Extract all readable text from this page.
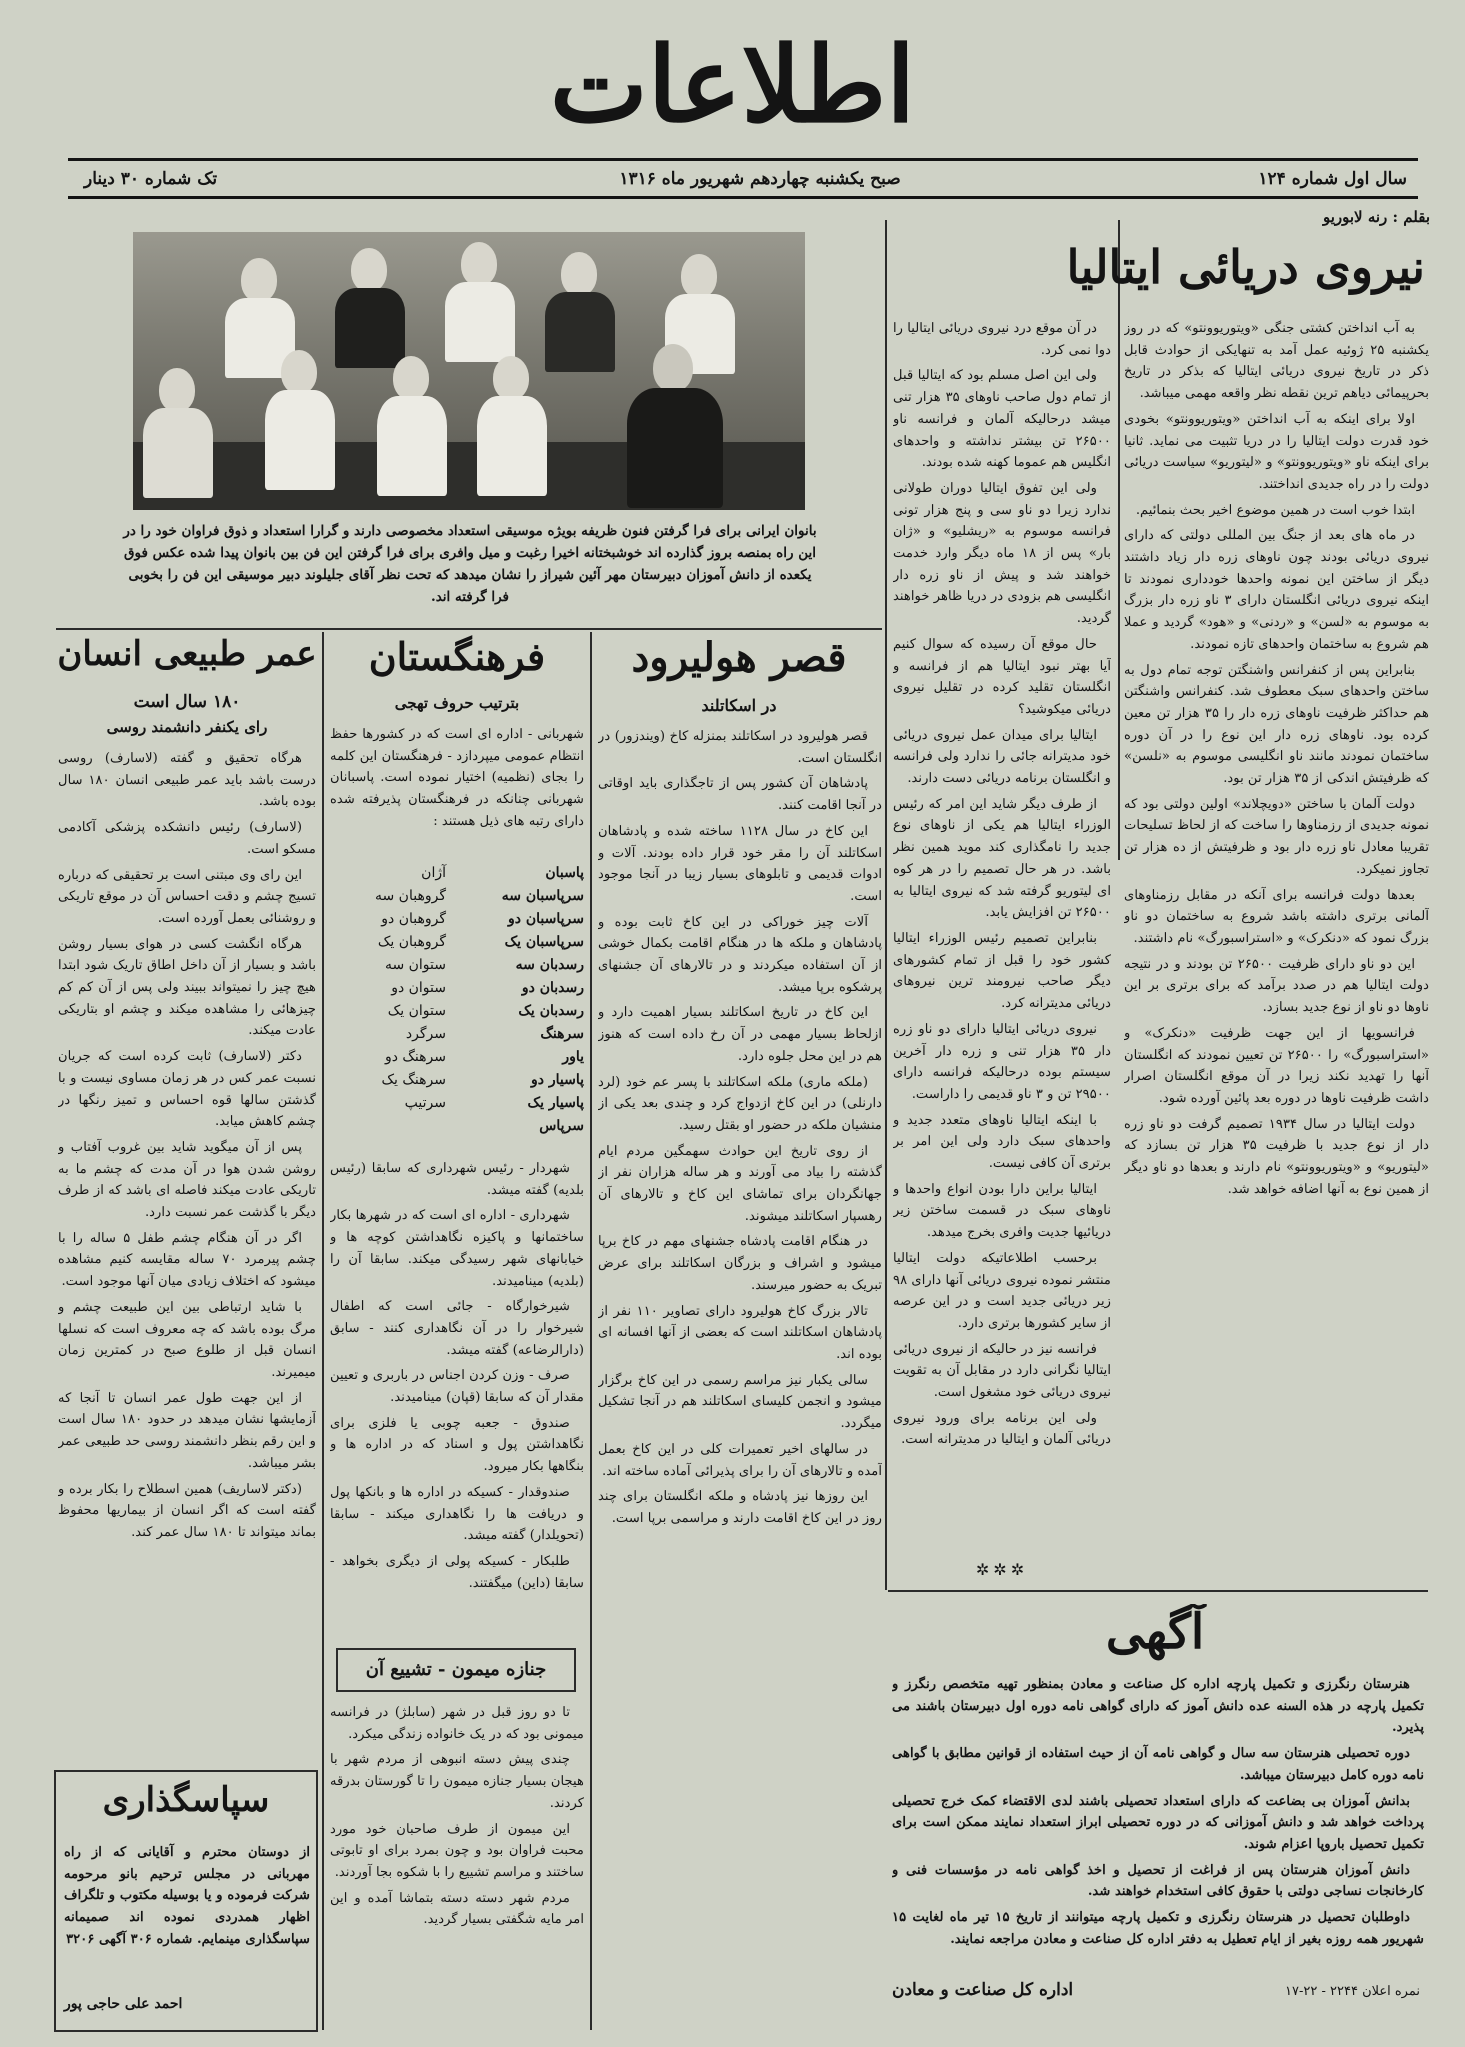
اطلاعات
سال اول شماره ۱۲۴
صبح یکشنبه چهاردهم شهریور ماه ۱۳۱۶
تک شماره ۳۰ دینار
بقلم : رنه لابوریو
نیروی دریائی ایتالیا

به آب انداختن کشتی جنگی «ویتوریوونتو» که در روز یکشنبه ۲۵ ژوئیه عمل آمد به تنهایکی از حوادث قابل ذکر در تاریخ نیروی دریائی ایتالیا که بذکر در تاریخ بحرپیمائی دیاهم ترین نقطه نظر واقعه مهمی میباشد.

اولا برای اینکه به آب انداختن «ویتوریوونتو» بخودی خود قدرت دولت ایتالیا را در دریا تثبیت می نماید. ثانیا برای اینکه ناو «ویتوریوونتو» و «لیتوریو» سیاست دریائی دولت را در راه جدیدی انداختند.

ابتدا خوب است در همین موضوع اخیر بحث بنمائیم.

در ماه های بعد از جنگ بین المللی دولتی که دارای نیروی دریائی بودند چون ناوهای زره دار زیاد داشتند دیگر از ساختن این نمونه واحدها خودداری نمودند تا اینکه نیروی دریائی انگلستان دارای ۳ ناو زره دار بزرگ به موسوم به «لسن» و «ردنی» و «هود» گردید و عملا هم شروع به ساختمان واحدهای تازه نمودند.

بنابراین پس از کنفرانس واشنگتن توجه تمام دول به ساختن واحدهای سبک معطوف شد. کنفرانس واشنگتن هم حداکثر ظرفیت ناوهای زره دار را ۳۵ هزار تن معین کرده بود. ناوهای زره دار این نوع را در آن دوره ساختمان نمودند مانند ناو انگلیسی موسوم به «نلسن» که ظرفیتش اندکی از ۳۵ هزار تن بود.

دولت آلمان با ساختن «دویچلاند» اولین دولتی بود که نمونه جدیدی از رزمناوها را ساخت که از لحاظ تسلیحات تقریبا معادل ناو زره دار بود و ظرفیتش از ده هزار تن تجاوز نمیکرد.

بعدها دولت فرانسه برای آنکه در مقابل رزمناوهای آلمانی برتری داشته باشد شروع به ساختمان دو ناو بزرگ نمود که «دنکرک» و «استراسبورگ» نام داشتند.

این دو ناو دارای ظرفیت ۲۶۵۰۰ تن بودند و در نتیجه دولت ایتالیا هم در صدد برآمد که برای برتری بر این ناوها دو ناو از نوع جدید بسازد.

فرانسویها از این جهت ظرفیت «دنکرک» و «استراسبورگ» را ۲۶۵۰۰ تن تعیین نمودند که انگلستان آنها را تهدید نکند زیرا در آن موقع انگلستان اصرار داشت ظرفیت ناوها در دوره بعد پائین آورده شود.

دولت ایتالیا در سال ۱۹۳۴ تصمیم گرفت دو ناو زره دار از نوع جدید با ظرفیت ۳۵ هزار تن بسازد که «لیتوریو» و «ویتوریوونتو» نام دارند و بعدها دو ناو دیگر از همین نوع به آنها اضافه خواهد شد.

در آن موقع درد نیروی دریائی ایتالیا را دوا نمی کرد.

ولی این اصل مسلم بود که ایتالیا قبل از تمام دول صاحب ناوهای ۳۵ هزار تنی میشد درحالیکه آلمان و فرانسه ناو ۲۶۵۰۰ تن بیشتر نداشته و واحدهای انگلیس هم عموما کهنه شده بودند.

ولی این تفوق ایتالیا دوران طولانی ندارد زیرا دو ناو سی و پنج هزار تونی فرانسه موسوم به «ریشلیو» و «ژان بار» پس از ۱۸ ماه دیگر وارد خدمت خواهند شد و پیش از ناو زره دار انگلیسی هم بزودی در دریا ظاهر خواهند گردید.

حال موقع آن رسیده که سوال کنیم آیا بهتر نبود ایتالیا هم از فرانسه و انگلستان تقلید کرده در تقلیل نیروی دریائی میکوشید؟

ایتالیا برای میدان عمل نیروی دریائی خود مدیترانه جائی را ندارد ولی فرانسه و انگلستان برنامه دریائی دست دارند.

از طرف دیگر شاید این امر که رئیس الوزراء ایتالیا هم یکی از ناوهای نوع جدید را نامگذاری کند موید همین نظر باشد. در هر حال تصمیم را در هر کوه ای لیتوریو گرفته شد که نیروی ایتالیا به ۲۶۵۰۰ تن افزایش یابد.

بنابراین تصمیم رئیس الوزراء ایتالیا کشور خود را قبل از تمام کشورهای دیگر صاحب نیرومند ترین نیروهای دریائی مدیترانه کرد.

نیروی دریائی ایتالیا دارای دو ناو زره دار ۳۵ هزار تنی و زره دار آخرین سیستم بوده درحالیکه فرانسه دارای ۲۹۵۰۰ تن و ۳ ناو قدیمی را داراست.

با اینکه ایتالیا ناوهای متعدد جدید و واحدهای سبک دارد ولی این امر بر برتری آن کافی نیست.

ایتالیا براین دارا بودن انواع واحدها و ناوهای سبک در قسمت ساختن زیر دریائیها جدیت وافری بخرج میدهد.

برحسب اطلاعاتیکه دولت ایتالیا منتشر نموده نیروی دریائی آنها دارای ۹۸ زیر دریائی جدید است و در این عرصه از سایر کشورها برتری دارد.

فرانسه نیز در حالیکه از نیروی دریائی ایتالیا نگرانی دارد در مقابل آن به تقویت نیروی دریائی خود مشغول است.

ولی این برنامه برای ورود نیروی دریائی آلمان و ایتالیا در مدیترانه است.

بانوان ایرانی برای فرا گرفتن فنون ظریفه بویژه موسیقی استعداد مخصوصی دارند و گرارا استعداد و ذوق فراوان خود را در این راه بمنصه بروز گذارده اند خوشبختانه اخیرا رغبت و میل وافری برای فرا گرفتن این فن بین بانوان پیدا شده عکس فوق یکعده از دانش آموزان دبیرستان مهر آئین شیراز را نشان میدهد که تحت نظر آقای جلیلوند دبیر موسیقی این فن را بخوبی فرا گرفته اند.
قصر هولیرود
در اسکاتلند

قصر هولیرود در اسکاتلند بمنزله کاخ (ویندزور) در انگلستان است.

پادشاهان آن کشور پس از تاجگذاری باید اوقاتی در آنجا اقامت کنند.

این کاخ در سال ۱۱۲۸ ساخته شده و پادشاهان اسکاتلند آن را مقر خود قرار داده بودند. آلات و ادوات قدیمی و تابلوهای بسیار زیبا در آنجا موجود است.

آلات چیز خوراکی در این کاخ ثابت بوده و پادشاهان و ملکه ها در هنگام اقامت بکمال خوشی از آن استفاده میکردند و در تالارهای آن جشنهای پرشکوه برپا میشد.

این کاخ در تاریخ اسکاتلند بسیار اهمیت دارد و ازلحاظ بسیار مهمی در آن رخ داده است که هنوز هم در این محل جلوه دارد.

(ملکه ماری) ملکه اسکاتلند با پسر عم خود (لرد دارنلی) در این کاخ ازدواج کرد و چندی بعد یکی از منشیان ملکه در حضور او بقتل رسید.

از روی تاریخ این حوادث سهمگین مردم ایام گذشته را بیاد می آورند و هر ساله هزاران نفر از جهانگردان برای تماشای این کاخ و تالارهای آن رهسپار اسکاتلند میشوند.

در هنگام اقامت پادشاه جشنهای مهم در کاخ برپا میشود و اشراف و بزرگان اسکاتلند برای عرض تبریک به حضور میرسند.

تالار بزرگ کاخ هولیرود دارای تصاویر ۱۱۰ نفر از پادشاهان اسکاتلند است که بعضی از آنها افسانه ای بوده اند.

سالی یکبار نیز مراسم رسمی در این کاخ برگزار میشود و انجمن کلیسای اسکاتلند هم در آنجا تشکیل میگردد.

در سالهای اخیر تعمیرات کلی در این کاخ بعمل آمده و تالارهای آن را برای پذیرائی آماده ساخته اند.

این روزها نیز پادشاه و ملکه انگلستان برای چند روز در این کاخ اقامت دارند و مراسمی برپا است.

فرهنگستان
بترتیب حروف تهجی
شهربانی - اداره ای است که در کشورها حفظ انتظام عمومی میپردازد - فرهنگستان این کلمه را بجای (نظمیه) اختیار نموده است. پاسبانان شهربانی چنانکه در فرهنگستان پذیرفته شده دارای رتبه های ذیل هستند :
پاسبان
سرپاسبان سه
سرپاسبان دو
سرپاسبان یک
رسدبان سه
رسدبان دو
رسدبان یک
سرهنگ
یاور
پاسیار دو
پاسیار یک
سرپاس
آژان
گروهبان سه
گروهبان دو
گروهبان یک
ستوان سه
ستوان دو
ستوان یک
سرگرد
سرهنگ دو
سرهنگ یک
سرتیپ

شهردار - رئیس شهرداری که سابقا (رئیس بلدیه) گفته میشد.

شهرداری - اداره ای است که در شهرها بکار ساختمانها و پاکیزه نگاهداشتن کوچه ها و خیابانهای شهر رسیدگی میکند. سابقا آن را (بلدیه) مینامیدند.

شیرخوارگاه - جائی است که اطفال شیرخوار را در آن نگاهداری کنند - سابق (دارالرضاعه) گفته میشد.

صرف - وزن کردن اجناس در باربری و تعیین مقدار آن که سابقا (قپان) مینامیدند.

صندوق - جعبه چوبی یا فلزی برای نگاهداشتن پول و اسناد که در اداره ها و بنگاهها بکار میرود.

صندوقدار - کسیکه در اداره ها و بانکها پول و دریافت ها را نگاهداری میکند - سابقا (تحویلدار) گفته میشد.

طلبکار - کسیکه پولی از دیگری بخواهد - سابقا (داین) میگفتند.

جنازه میمون - تشییع آن

تا دو روز قبل در شهر (سابلژ) در فرانسه میمونی بود که در یک خانواده زندگی میکرد.

چندی پیش دسته انبوهی از مردم شهر با هیجان بسیار جنازه میمون را تا گورستان بدرقه کردند.

این میمون از طرف صاحبان خود مورد محبت فراوان بود و چون بمرد برای او تابوتی ساختند و مراسم تشییع را با شکوه بجا آوردند.

مردم شهر دسته دسته بتماشا آمده و این امر مایه شگفتی بسیار گردید.

عمر طبیعی انسان
۱۸۰ سال است
رای یکنفر دانشمند روسی

هرگاه تحقیق و گفته (لاسارف) روسی درست باشد باید عمر طبیعی انسان ۱۸۰ سال بوده باشد.

(لاسارف) رئیس دانشکده پزشکی آکادمی مسکو است.

این رای وی مبتنی است بر تحقیقی که درباره تسیج چشم و دقت احساس آن در موقع تاریکی و روشنائی بعمل آورده است.

هرگاه انگشت کسی در هوای بسیار روشن باشد و بسیار از آن داخل اطاق تاریک شود ابتدا هیچ چیز را نمیتواند ببیند ولی پس از آن کم کم چیزهائی را مشاهده میکند و چشم او بتاریکی عادت میکند.

دکتر (لاسارف) ثابت کرده است که جریان نسبت عمر کس در هر زمان مساوی نیست و با گذشتن سالها قوه احساس و تمیز رنگها در چشم کاهش میابد.

پس از آن میگوید شاید بین غروب آفتاب و روشن شدن هوا در آن مدت که چشم ما به تاریکی عادت میکند فاصله ای باشد که از طرف دیگر با گذشت عمر نسبت دارد.

اگر در آن هنگام چشم طفل ۵ ساله را با چشم پیرمرد ۷۰ ساله مقایسه کنیم مشاهده میشود که اختلاف زیادی میان آنها موجود است.

با شاید ارتباطی بین این طبیعت چشم و مرگ بوده باشد که چه معروف است که نسلها انسان قبل از طلوع صبح در کمترین زمان میمیرند.

از این جهت طول عمر انسان تا آنجا که آزمایشها نشان میدهد در حدود ۱۸۰ سال است و این رقم بنظر دانشمند روسی حد طبیعی عمر بشر میباشد.

(دکتر لاساریف) همین اسطلاح را بکار برده و گفته است که اگر انسان از بیماریها محفوظ بماند میتواند تا ۱۸۰ سال عمر کند.

سپاسگذاری
از دوستان محترم و آقایانی که از راه مهربانی در مجلس ترحیم بانو مرحومه شرکت فرموده و یا بوسیله مکتوب و تلگراف اظهار همدردی نموده اند صمیمانه سپاسگذاری مینمایم. شماره ۳۰۶ آگهی ۳۲۰۶
احمد علی حاجی پور
✲✲✲
آگهی

هنرستان رنگرزی و تکمیل پارچه اداره کل صناعت و معادن بمنظور تهیه متخصص رنگرز و تکمیل پارچه در هذه السنه عده دانش آموز که دارای گواهی نامه دوره اول دبیرستان باشند می پذیرد.

دوره تحصیلی هنرستان سه سال و گواهی نامه آن از حیث استفاده از قوانین مطابق با گواهی نامه دوره کامل دبیرستان میباشد.

بدانش آموزان بی بضاعت که دارای استعداد تحصیلی باشند لدی الاقتضاء کمک خرج تحصیلی پرداخت خواهد شد و دانش آموزانی که در دوره تحصیلی ابراز استعداد نمایند ممکن است برای تکمیل تحصیل باروپا اعزام شوند.

دانش آموزان هنرستان پس از فراغت از تحصیل و اخذ گواهی نامه در مؤسسات فنی و کارخانجات نساجی دولتی با حقوق کافی استخدام خواهند شد.

داوطلبان تحصیل در هنرستان رنگرزی و تکمیل پارچه میتوانند از تاریخ ۱۵ تیر ماه لغایت ۱۵ شهریور همه روزه بغیر از ایام تعطیل به دفتر اداره کل صناعت و معادن مراجعه نمایند.

نمره اعلان ۲۲۴۴ - ۲۲-۱۷
اداره کل صناعت و معادن
